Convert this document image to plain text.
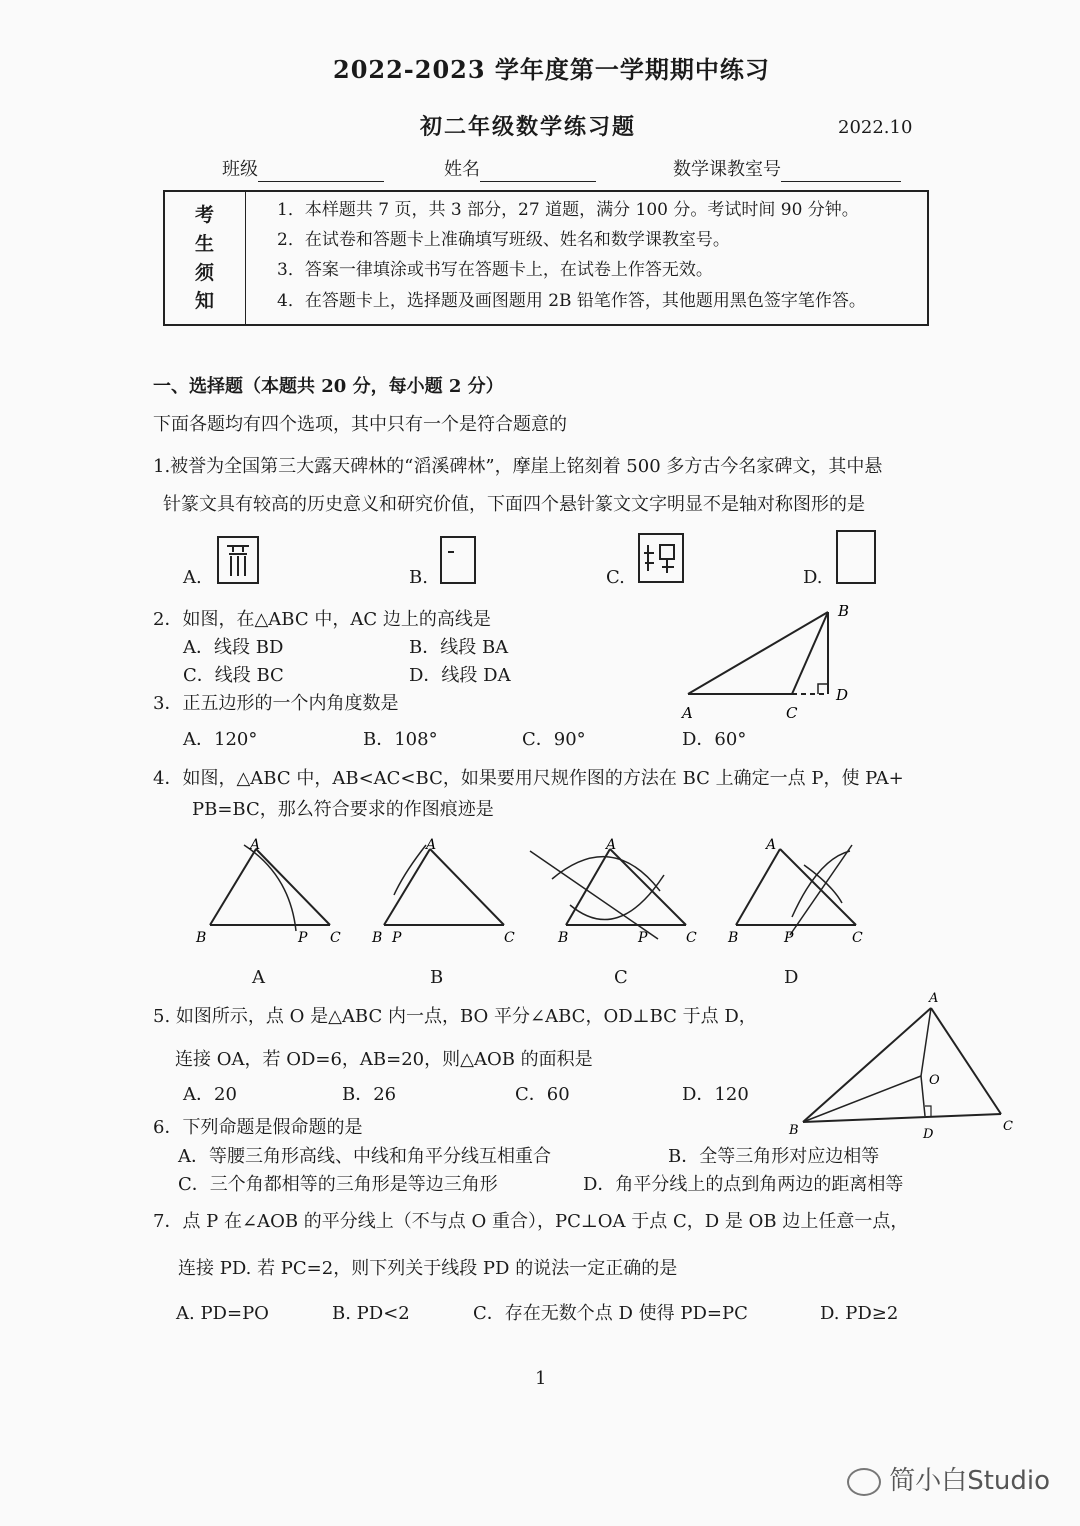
2022-2023 学年度第一学期期中练习
初二年级数学练习题	2022.10
班级	姓名	数学课教室号
考
生
须
知
1．本样题共 7 页，共 3 部分，27 道题，满分 100 分。考试时间 90 分钟。
2．在试卷和答题卡上准确填写班级、姓名和数学课教室号。
3．答案一律填涂或书写在答题卡上，在试卷上作答无效。
4．在答题卡上，选择题及画图题用 2B 铅笔作答，其他题用黑色签字笔作答。
一、选择题（本题共 20 分，每小题 2 分）
下面各题均有四个选项，其中只有一个是符合题意的
1.被誉为全国第三大露天碑林的“滔溪碑林”，摩崖上铭刻着 500 多方古今名家碑文，其中悬
针篆文具有较高的历史意义和研究价值，下面四个悬针篆文文字明显不是轴对称图形的是
A.	B.	C.	D.
2．如图，在△ABC 中，AC 边上的高线是
A．线段 BD	B．线段 BA
C．线段 BC	D．线段 DA
A	C
D
B
3．正五边形的一个内角度数是
A．120°	B．108°	C．90°	D．60°
4．如图，△ABC 中，AB<AC<BC，如果要用尺规作图的方法在 BC 上确定一点 P，使 PA+
PB=BC，那么符合要求的作图痕迹是
A
B	P C
A
A
B P	C
B
A
B	P	C
C
A
B	P	C
D
5. 如图所示，点 O 是△ABC 内一点，BO 平分∠ABC，OD⊥BC 于点 D，
连接 OA，若 OD=6，AB=20，则△AOB 的面积是
A．20	B．26	C．60	D．120
A
O
B	D
C
6．下列命题是假命题的是
A．等腰三角形高线、中线和角平分线互相重合	B．全等三角形对应边相等
C．三个角都相等的三角形是等边三角形	D．角平分线上的点到角两边的距离相等
7．点 P 在∠AOB 的平分线上（不与点 O 重合），PC⊥OA 于点 C，D 是 OB 边上任意一点，
连接 PD. 若 PC=2，则下列关于线段 PD 的说法一定正确的是
A. PD=PO	B. PD<2	C．存在无数个点 D 使得 PD=PC	D. PD≥2
1
简小白Studio
